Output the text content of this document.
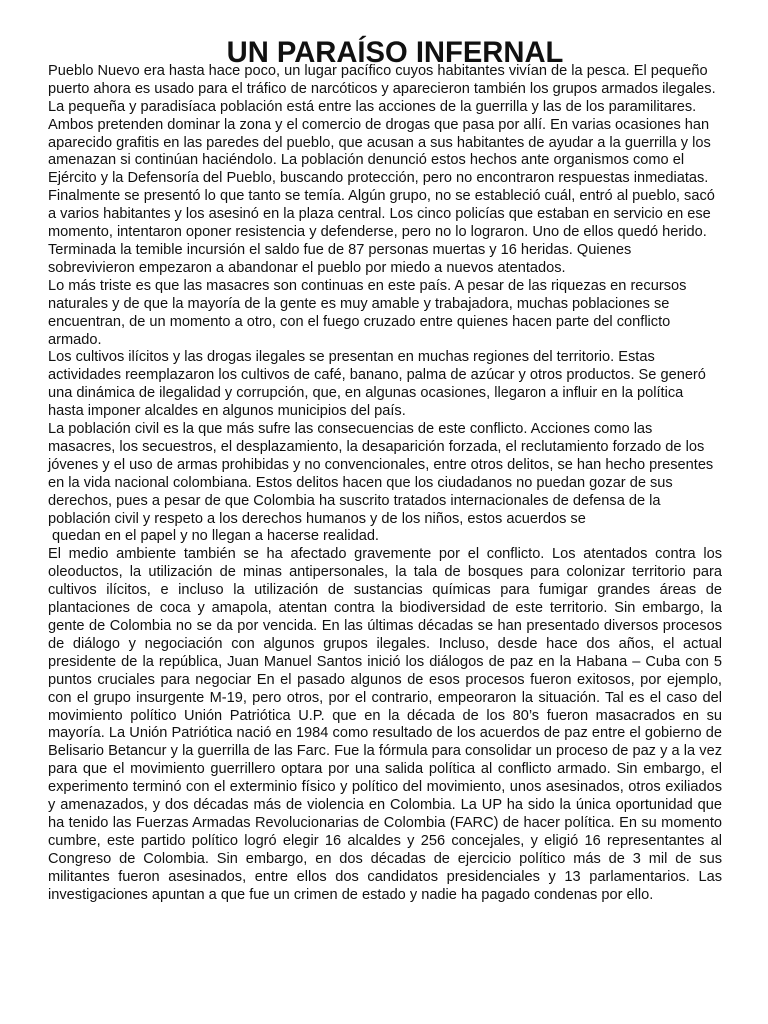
UN PARAÍSO INFERNAL

Pueblo Nuevo era hasta hace poco, un lugar pacífico cuyos habitantes vivían de la pesca. El pequeño puerto ahora es usado para el tráfico de narcóticos y aparecieron también los grupos armados ilegales.

La pequeña y paradisíaca población está entre las acciones de la guerrilla y las de los paramilitares. Ambos pretenden dominar la zona y el comercio de drogas que pasa por allí. En varias ocasiones han aparecido grafitis en las paredes del pueblo, que acusan a sus habitantes de ayudar a la guerrilla y los amenazan si continúan haciéndolo. La población denunció estos hechos ante organismos como el Ejército y la Defensoría del Pueblo, buscando protección, pero no encontraron respuestas inmediatas. Finalmente se presentó lo que tanto se temía. Algún grupo, no se estableció cuál, entró al pueblo, sacó a varios habitantes y los asesinó en la plaza central. Los cinco policías que estaban en servicio en ese momento, intentaron oponer resistencia y defenderse, pero no lo lograron. Uno de ellos quedó herido. Terminada la temible incursión el saldo fue de 87 personas muertas y 16 heridas. Quienes sobrevivieron empezaron a abandonar el pueblo por miedo a nuevos atentados.

Lo más triste es que las masacres son continuas en este país. A pesar de las riquezas en recursos naturales y de que la mayoría de la gente es muy amable y trabajadora, muchas poblaciones se encuentran, de un momento a otro, con el fuego cruzado entre quienes hacen parte del conflicto armado.

Los cultivos ilícitos y las drogas ilegales se presentan en muchas regiones del territorio. Estas actividades reemplazaron los cultivos de café, banano, palma de azúcar y otros productos. Se generó una dinámica de ilegalidad y corrupción, que, en algunas ocasiones, llegaron a influir en la política hasta imponer alcaldes en algunos municipios del país.

La población civil es la que más sufre las consecuencias de este conflicto. Acciones como las masacres, los secuestros, el desplazamiento, la desaparición forzada, el reclutamiento forzado de los jóvenes y el uso de armas prohibidas y no convencionales, entre otros delitos, se han hecho presentes en la vida nacional colombiana. Estos delitos hacen que los ciudadanos no puedan gozar de sus derechos, pues a pesar de que Colombia ha suscrito tratados internacionales de defensa de la población civil y respeto a los derechos humanos y de los niños, estos acuerdos se

quedan en el papel y no llegan a hacerse realidad.

El medio ambiente también se ha afectado gravemente por el conflicto. Los atentados contra los oleoductos, la utilización de minas antipersonales, la tala de bosques para colonizar territorio para cultivos ilícitos, e incluso la utilización de sustancias químicas para fumigar grandes áreas de plantaciones de coca y amapola, atentan contra la biodiversidad de este territorio. Sin embargo, la gente de Colombia no se da por vencida. En las últimas décadas se han presentado diversos procesos de diálogo y negociación con algunos grupos ilegales. Incluso, desde hace dos años, el actual presidente de la república, Juan Manuel Santos inició los diálogos de paz en la Habana – Cuba con 5 puntos cruciales para negociar En el pasado algunos de esos procesos fueron exitosos, por ejemplo, con el grupo insurgente M-19, pero otros, por el contrario, empeoraron la situación. Tal es el caso del movimiento político Unión Patriótica U.P. que en la década de los 80’s fueron masacrados en su mayoría. La Unión Patriótica nació en 1984 como resultado de los acuerdos de paz entre el gobierno de Belisario Betancur y la guerrilla de las Farc. Fue la fórmula para consolidar un proceso de paz y a la vez para que el movimiento guerrillero optara por una salida política al conflicto armado. Sin embargo, el experimento terminó con el exterminio físico y político del movimiento, unos asesinados, otros exiliados y amenazados, y dos décadas más de violencia en Colombia. La UP ha sido la única oportunidad que ha tenido las Fuerzas Armadas Revolucionarias de Colombia (FARC) de hacer política. En su momento cumbre, este partido político logró elegir 16 alcaldes y 256 concejales, y eligió 16 representantes al Congreso de Colombia. Sin embargo, en dos décadas de ejercicio político más de 3 mil de sus militantes fueron asesinados, entre ellos dos candidatos presidenciales y 13 parlamentarios. Las investigaciones apuntan a que fue un crimen de estado y nadie ha pagado condenas por ello.
